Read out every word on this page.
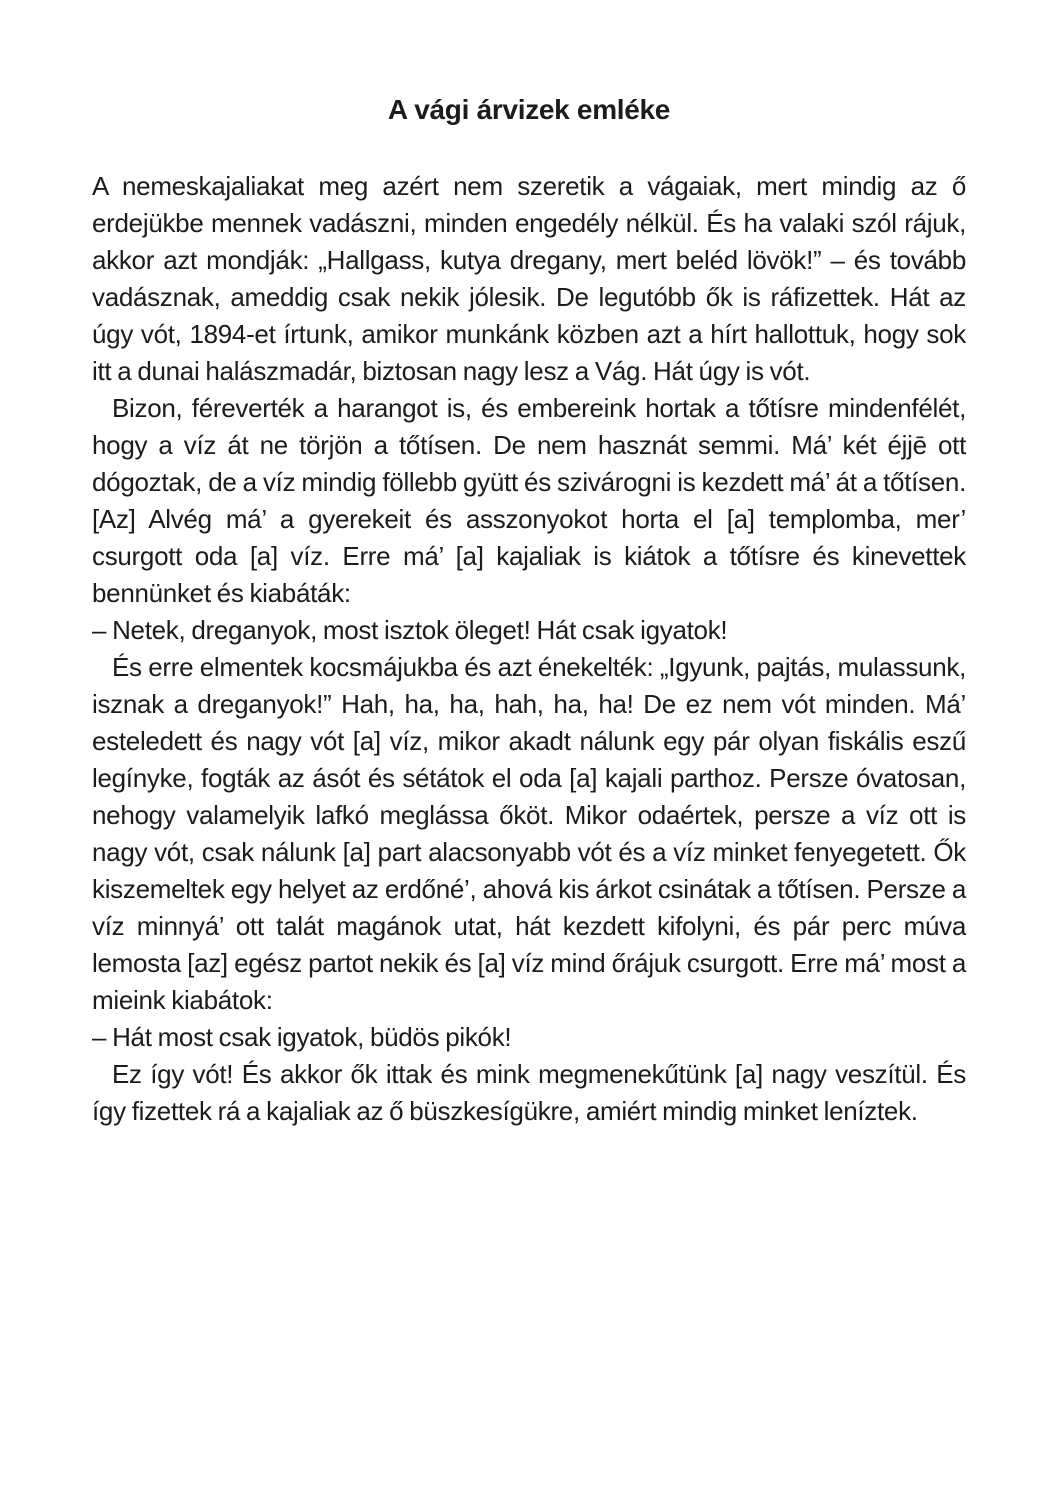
A vági árvizek emléke

A nemeskajaliakat meg azért nem szeretik a vágaiak, mert mindig az ő erdejükbe mennek vadászni, minden engedély nélkül. És ha valaki szól rájuk, akkor azt mondják: „Hallgass, kutya dregany, mert beléd lövök!” – és tovább vadásznak, ameddig csak nekik jólesik. De legutóbb ők is ráfizettek. Hát az úgy vót, 1894-et írtunk, amikor munkánk közben azt a hírt hallottuk, hogy sok itt a dunai halászmadár, biztosan nagy lesz a Vág. Hát úgy is vót.

Bizon, féreverték a harangot is, és embereink hortak a tőtísre mindenfélét, hogy a víz át ne törjön a tőtísen. De nem hasznát semmi. Má’ két éjjē ott dógoztak, de a víz mindig föllebb gyütt és szivárogni is kezdett má’ át a tőtísen. [Az] Alvég má’ a gyerekeit és asszonyokot horta el [a] templomba, mer’ csurgott oda [a] víz. Erre má’ [a] kajaliak is kiátok a tőtísre és kinevettek bennünket és kiabáták:

– Netek, dreganyok, most isztok öleget! Hát csak igyatok!

És erre elmentek kocsmájukba és azt énekelték: „Igyunk, pajtás, mulassunk, isznak a dreganyok!” Hah, ha, ha, hah, ha, ha! De ez nem vót minden. Má’ esteledett és nagy vót [a] víz, mikor akadt nálunk egy pár olyan fiskális eszű legínyke, fogták az ásót és sétátok el oda [a] kajali parthoz. Persze óvatosan, nehogy valamelyik lafkó meglássa őköt. Mikor odaértek, persze a víz ott is nagy vót, csak nálunk [a] part alacsonyabb vót és a víz minket fenyegetett. Ők kiszemeltek egy helyet az erdőné’, ahová kis árkot csinátak a tőtísen. Persze a víz minnyá’ ott talát magánok utat, hát kezdett kifolyni, és pár perc múva lemosta [az] egész partot nekik és [a] víz mind őrájuk csurgott. Erre má’ most a mieink kiabátok:

– Hát most csak igyatok, büdös pikók!

Ez így vót! És akkor ők ittak és mink megmenekűtünk [a] nagy veszítül. És így fizettek rá a kajaliak az ő büszkesígükre, amiért mindig minket leníztek.
